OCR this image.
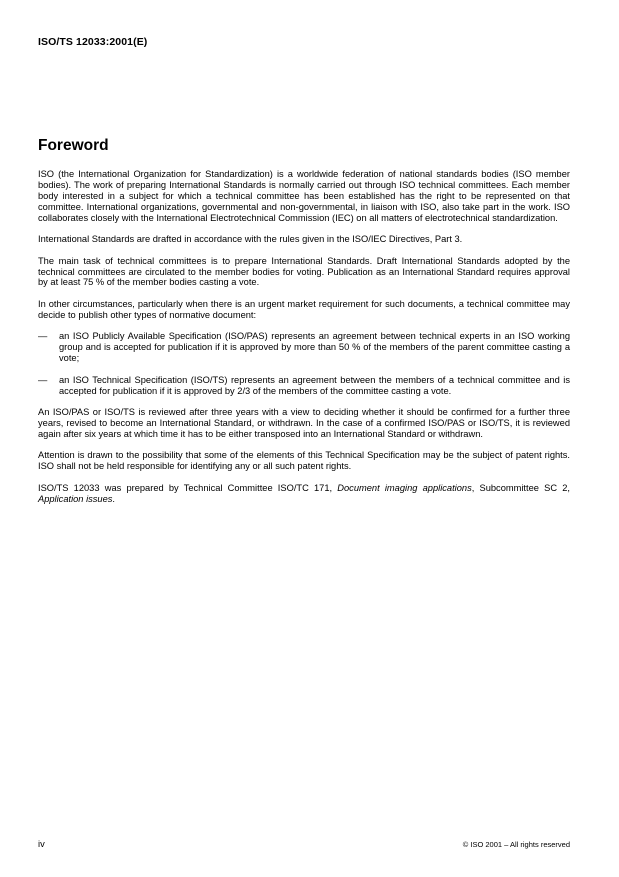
ISO/TS 12033:2001(E)
Foreword

ISO (the International Organization for Standardization) is a worldwide federation of national standards bodies (ISO member bodies). The work of preparing International Standards is normally carried out through ISO technical committees. Each member body interested in a subject for which a technical committee has been established has the right to be represented on that committee. International organizations, governmental and non-governmental, in liaison with ISO, also take part in the work. ISO collaborates closely with the International Electrotechnical Commission (IEC) on all matters of electrotechnical standardization.

International Standards are drafted in accordance with the rules given in the ISO/IEC Directives, Part 3.

The main task of technical committees is to prepare International Standards. Draft International Standards adopted by the technical committees are circulated to the member bodies for voting. Publication as an International Standard requires approval by at least 75 % of the member bodies casting a vote.

In other circumstances, particularly when there is an urgent market requirement for such documents, a technical committee may decide to publish other types of normative document:

—	an ISO Publicly Available Specification (ISO/PAS) represents an agreement between technical experts in an ISO working group and is accepted for publication if it is approved by more than 50 % of the members of the parent committee casting a vote;
—	an ISO Technical Specification (ISO/TS) represents an agreement between the members of a technical committee and is accepted for publication if it is approved by 2/3 of the members of the committee casting a vote.

An ISO/PAS or ISO/TS is reviewed after three years with a view to deciding whether it should be confirmed for a further three years, revised to become an International Standard, or withdrawn. In the case of a confirmed ISO/PAS or ISO/TS, it is reviewed again after six years at which time it has to be either transposed into an International Standard or withdrawn.

Attention is drawn to the possibility that some of the elements of this Technical Specification may be the subject of patent rights. ISO shall not be held responsible for identifying any or all such patent rights.

ISO/TS 12033 was prepared by Technical Committee ISO/TC 171, Document imaging applications, Subcommittee SC 2, Application issues.

iv	© ISO 2001 – All rights reserved
